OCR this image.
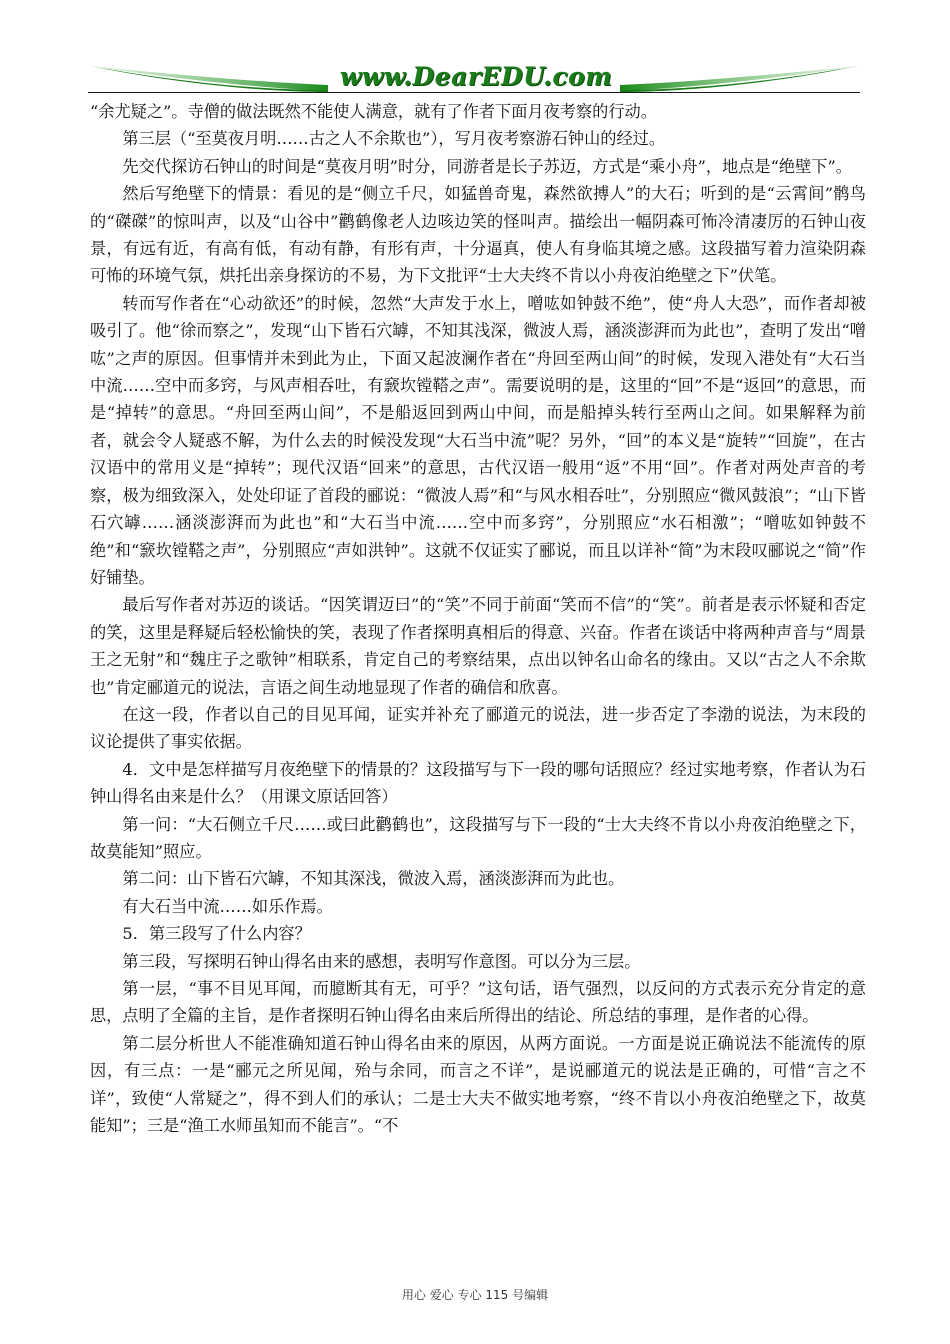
www.DearEDU.com

“余尤疑之”。寺僧的做法既然不能使人满意，就有了作者下面月夜考察的行动。

第三层（“至莫夜月明……古之人不余欺也”），写月夜考察游石钟山的经过。

先交代探访石钟山的时间是“莫夜月明”时分，同游者是长子苏迈，方式是“乘小舟”，地点是“绝壁下”。

然后写绝壁下的情景：看见的是“侧立千尺，如猛兽奇鬼，森然欲搏人”的大石；听到的是“云霄间”鹘鸟的“磔磔”的惊叫声，以及“山谷中”鹳鹤像老人边咳边笑的怪叫声。描绘出一幅阴森可怖冷清凄厉的石钟山夜景，有远有近，有高有低，有动有静，有形有声，十分逼真，使人有身临其境之感。这段描写着力渲染阴森可怖的环境气氛，烘托出亲身探访的不易，为下文批评“士大夫终不肯以小舟夜泊绝壁之下”伏笔。

转而写作者在“心动欲还”的时候，忽然“大声发于水上，噌吰如钟鼓不绝”，使“舟人大恐”，而作者却被吸引了。他“徐而察之”，发现“山下皆石穴罅，不知其浅深，微波人焉，涵淡澎湃而为此也”，查明了发出“噌吰”之声的原因。但事情并未到此为止，下面又起波澜作者在“舟回至两山间”的时候，发现入港处有“大石当中流……空中而多窍，与风声相吞吐，有窾坎镗鞳之声”。需要说明的是，这里的“回”不是“返回”的意思，而是“掉转”的意思。“舟回至两山间”，不是船返回到两山中间，而是船掉头转行至两山之间。如果解释为前者，就会令人疑惑不解，为什么去的时候没发现“大石当中流”呢？另外，“回”的本义是“旋转”“回旋”，在古汉语中的常用义是“掉转”；现代汉语“回来”的意思，古代汉语一般用“返”不用“回”。作者对两处声音的考察，极为细致深入，处处印证了首段的郦说：“微波人焉”和“与风水相吞吐”，分别照应“微风鼓浪”；“山下皆石穴罅……涵淡澎湃而为此也”和“大石当中流……空中而多窍”，分别照应“水石相激”；“噌吰如钟鼓不绝”和“窾坎镗鞳之声”，分别照应“声如洪钟”。这就不仅证实了郦说，而且以详补“简”为末段叹郦说之“简”作好铺垫。

最后写作者对苏迈的谈话。“因笑谓迈曰”的“笑”不同于前面“笑而不信”的“笑”。前者是表示怀疑和否定的笑，这里是释疑后轻松愉快的笑，表现了作者探明真相后的得意、兴奋。作者在谈话中将两种声音与“周景王之无射”和“魏庄子之歌钟”相联系，肯定自己的考察结果，点出以钟名山命名的缘由。又以“古之人不余欺也”肯定郦道元的说法，言语之间生动地显现了作者的确信和欣喜。

在这一段，作者以自己的目见耳闻，证实并补充了郦道元的说法，进一步否定了李渤的说法，为末段的议论提供了事实依据。

4．文中是怎样描写月夜绝壁下的情景的？这段描写与下一段的哪句话照应？经过实地考察，作者认为石钟山得名由来是什么？（用课文原话回答）

第一问：“大石侧立千尺……或曰此鹳鹤也”，这段描写与下一段的“士大夫终不肯以小舟夜泊绝壁之下，故莫能知”照应。

第二问：山下皆石穴罅，不知其深浅，微波入焉，涵淡澎湃而为此也。

有大石当中流……如乐作焉。

5．第三段写了什么内容？

第三段，写探明石钟山得名由来的感想，表明写作意图。可以分为三层。

第一层，“事不目见耳闻，而臆断其有无，可乎？”这句话，语气强烈，以反问的方式表示充分肯定的意思，点明了全篇的主旨，是作者探明石钟山得名由来后所得出的结论、所总结的事理，是作者的心得。

第二层分析世人不能准确知道石钟山得名由来的原因，从两方面说。一方面是说正确说法不能流传的原因，有三点：一是“郦元之所见闻，殆与余同，而言之不详”，是说郦道元的说法是正确的，可惜“言之不详”，致使“人常疑之”，得不到人们的承认；二是士大夫不做实地考察，“终不肯以小舟夜泊绝壁之下，故莫能知”；三是“渔工水师虽知而不能言”。“不

用心 爱心 专心 115 号编辑
